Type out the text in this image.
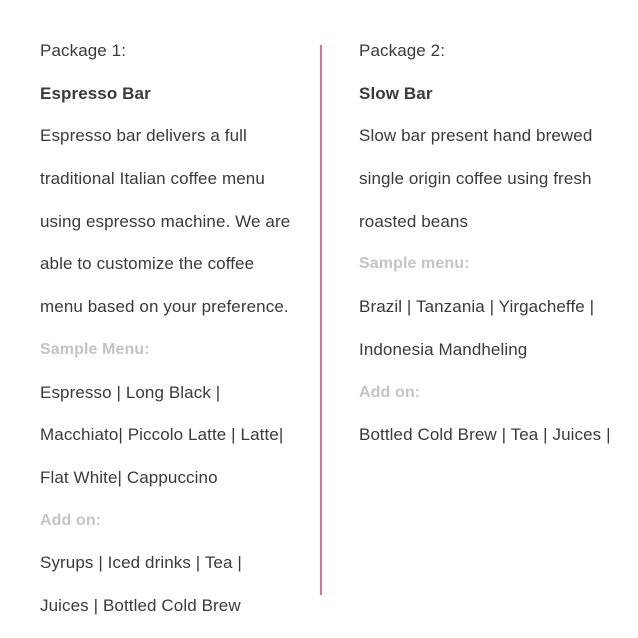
Package 1:
Espresso Bar
Espresso bar delivers a full
traditional Italian coffee menu
using espresso machine. We are
able to customize the coffee
menu based on your preference.
Sample Menu:
Espresso | Long Black |
Macchiato| Piccolo Latte | Latte|
Flat White| Cappuccino
Add on:
Syrups | Iced drinks | Tea |
Juices | Bottled Cold Brew
Package 2:
Slow Bar
Slow bar present hand brewed
single origin coffee using fresh
roasted beans
Sample menu:
Brazil | Tanzania | Yirgacheffe |
Indonesia Mandheling
Add on:
Bottled Cold Brew | Tea | Juices |
